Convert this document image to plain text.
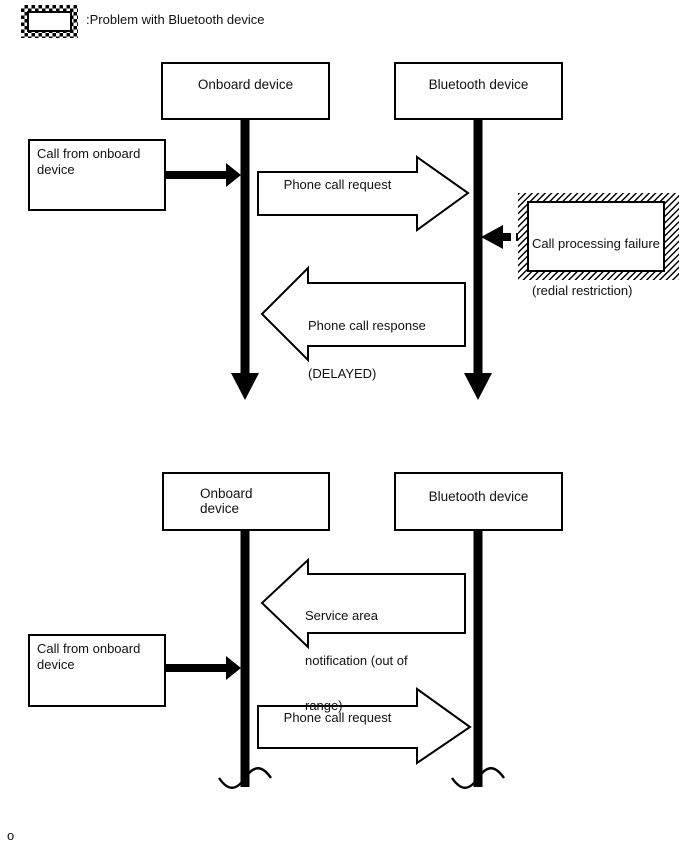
:Problem with Bluetooth device
Onboard device	Bluetooth device
Call from onboard
device
Phone call request

Call processing failure

(redial restriction)

Phone call response

(DELAYED)

Onboard
device
Bluetooth device

Service area

notification (out of

range)

Call from onboard
device
Phone call request
o
